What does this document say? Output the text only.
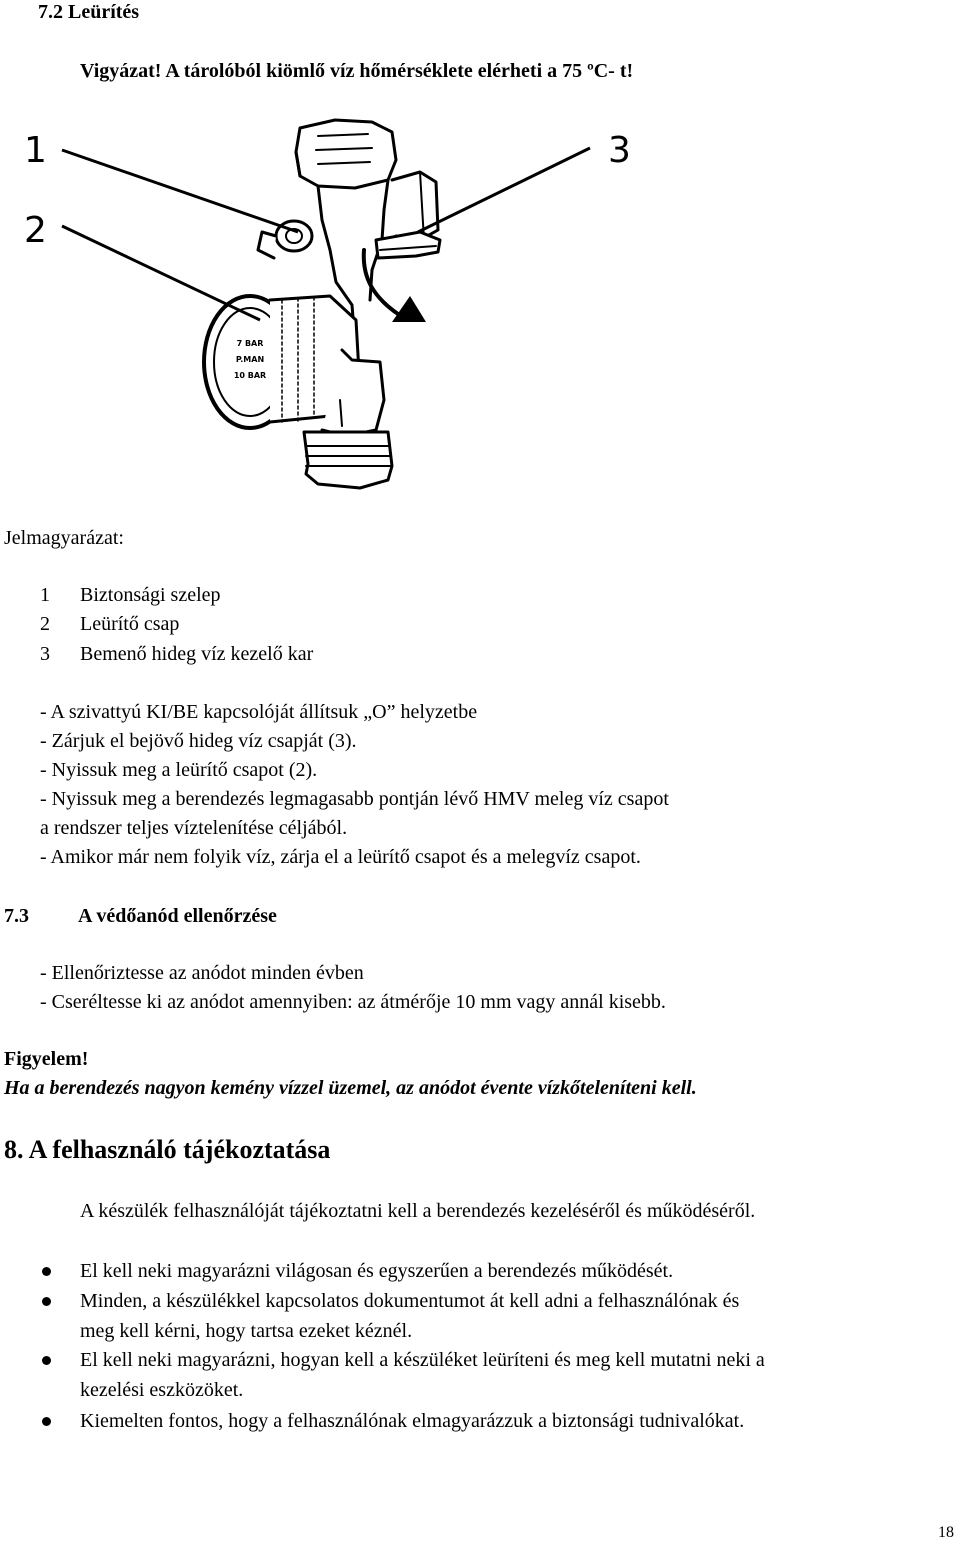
7.2 Leürítés
Vigyázat! A tárolóból kiömlő víz hőmérséklete elérheti a 75 ºC- t!
7 BAR
P.MAN
10 BAR
1
2
3
Jelmagyarázat:
1 Biztonsági szelep
2 Leürítő csap
3 Bemenő hideg víz kezelő kar
- A szivattyú KI/BE kapcsolóját állítsuk „O” helyzetbe
- Zárjuk el bejövő hideg víz csapját (3).
- Nyissuk meg a leürítő csapot (2).
- Nyissuk meg a berendezés legmagasabb pontján lévő HMV meleg víz csapot
a rendszer teljes víztelenítése céljából.
- Amikor már nem folyik víz, zárja el a leürítő csapot és a melegvíz csapot.
7.3 A védőanód ellenőrzése
- Ellenőriztesse az anódot minden évben
- Cseréltesse ki az anódot amennyiben: az átmérője 10 mm vagy annál kisebb.
Figyelem!
Ha a berendezés nagyon kemény vízzel üzemel, az anódot évente vízkőteleníteni kell.
8. A felhasználó tájékoztatása
A készülék felhasználóját tájékoztatni kell a berendezés kezeléséről és működéséről.
El kell neki magyarázni világosan és egyszerűen a berendezés működését.
Minden, a készülékkel kapcsolatos dokumentumot át kell adni a felhasználónak és
meg kell kérni, hogy tartsa ezeket kéznél.
El kell neki magyarázni, hogyan kell a készüléket leüríteni és meg kell mutatni neki a
kezelési eszközöket.
Kiemelten fontos, hogy a felhasználónak elmagyarázzuk a biztonsági tudnivalókat.
18
